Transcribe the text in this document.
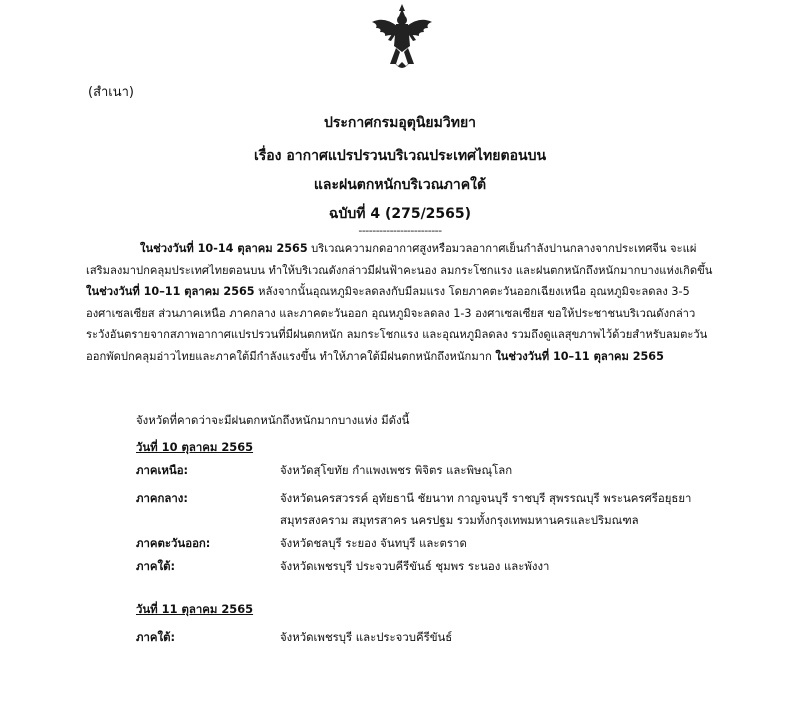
(สำเนา)
ประกาศกรมอุตุนิยมวิทยา
เรื่อง อากาศแปรปรวนบริเวณประเทศไทยตอนบน
และฝนตกหนักบริเวณภาคใต้
ฉบับที่ 4 (275/2565)
------------------------
ในช่วงวันที่ 10-14 ตุลาคม 2565 บริเวณความกดอากาศสูงหรือมวลอากาศเย็นกำลังปานกลางจากประเทศจีน จะแผ่เสริมลงมาปกคลุมประเทศไทยตอนบน ทำให้บริเวณดังกล่าวมีฝนฟ้าคะนอง ลมกระโชกแรง และฝนตกหนักถึงหนักมากบางแห่งเกิดขึ้นในช่วงวันที่ 10–11 ตุลาคม 2565 หลังจากนั้นอุณหภูมิจะลดลงกับมีลมแรง โดยภาคตะวันออกเฉียงเหนือ อุณหภูมิจะลดลง 3-5 องศาเซลเซียส ส่วนภาคเหนือ ภาคกลาง และภาคตะวันออก อุณหภูมิจะลดลง 1-3 องศาเซลเซียส ขอให้ประชาชนบริเวณดังกล่าวระวังอันตรายจากสภาพอากาศแปรปรวนที่มีฝนตกหนัก ลมกระโชกแรง และอุณหภูมิลดลง รวมถึงดูแลสุขภาพไว้ด้วยสำหรับลมตะวันออกพัดปกคลุมอ่าวไทยและภาคใต้มีกำลังแรงขึ้น ทำให้ภาคใต้มีฝนตกหนักถึงหนักมาก ในช่วงวันที่ 10–11 ตุลาคม 2565
จังหวัดที่คาดว่าจะมีฝนตกหนักถึงหนักมากบางแห่ง มีดังนี้
วันที่ 10 ตุลาคม 2565
ภาคเหนือ:	จังหวัดสุโขทัย กำแพงเพชร พิจิตร และพิษณุโลก
ภาคกลาง:	จังหวัดนครสวรรค์ อุทัยธานี ชัยนาท กาญจนบุรี ราชบุรี สุพรรณบุรี พระนครศรีอยุธยา สมุทรสงคราม สมุทรสาคร นครปฐม รวมทั้งกรุงเทพมหานครและปริมณฑล
ภาคตะวันออก:	จังหวัดชลบุรี ระยอง จันทบุรี และตราด
ภาคใต้:	จังหวัดเพชรบุรี ประจวบคีรีขันธ์ ชุมพร ระนอง และพังงา
วันที่ 11 ตุลาคม 2565
ภาคใต้:	จังหวัดเพชรบุรี และประจวบคีรีขันธ์
